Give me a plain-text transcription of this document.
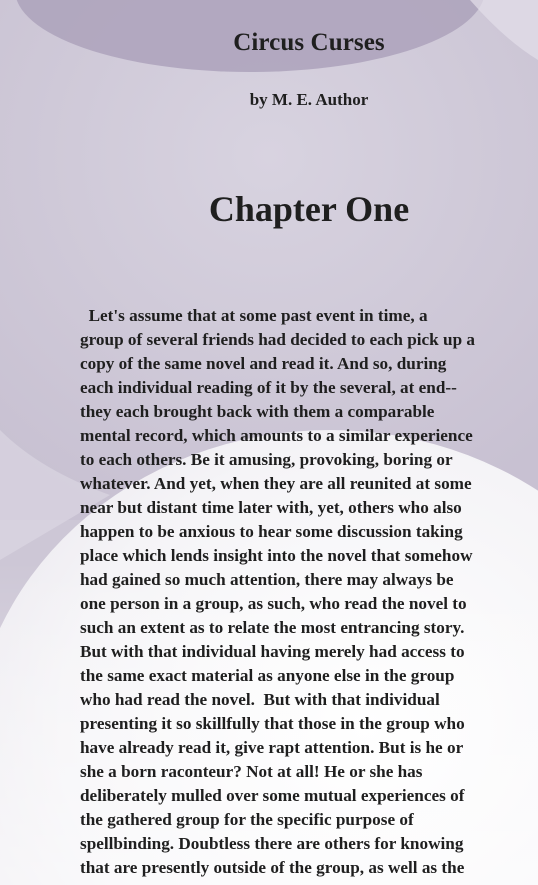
Circus Curses
by M. E. Author
Chapter One
Let's assume that at some past event in time, a
group of several friends had decided to each pick up a
copy of the same novel and read it. And so, during
each individual reading of it by the several, at end--
they each brought back with them a comparable
mental record, which amounts to a similar experience
to each others. Be it amusing, provoking, boring or
whatever. And yet, when they are all reunited at some
near but distant time later with, yet, others who also
happen to be anxious to hear some discussion taking
place which lends insight into the novel that somehow
had gained so much attention, there may always be
one person in a group, as such, who read the novel to
such an extent as to relate the most entrancing story.
But with that individual having merely had access to
the same exact material as anyone else in the group
who had read the novel.  But with that individual
presenting it so skillfully that those in the group who
have already read it, give rapt attention. But is he or
she a born raconteur? Not at all! He or she has
deliberately mulled over some mutual experiences of
the gathered group for the specific purpose of
spellbinding. Doubtless there are others for knowing
that are presently outside of the group, as well as the
